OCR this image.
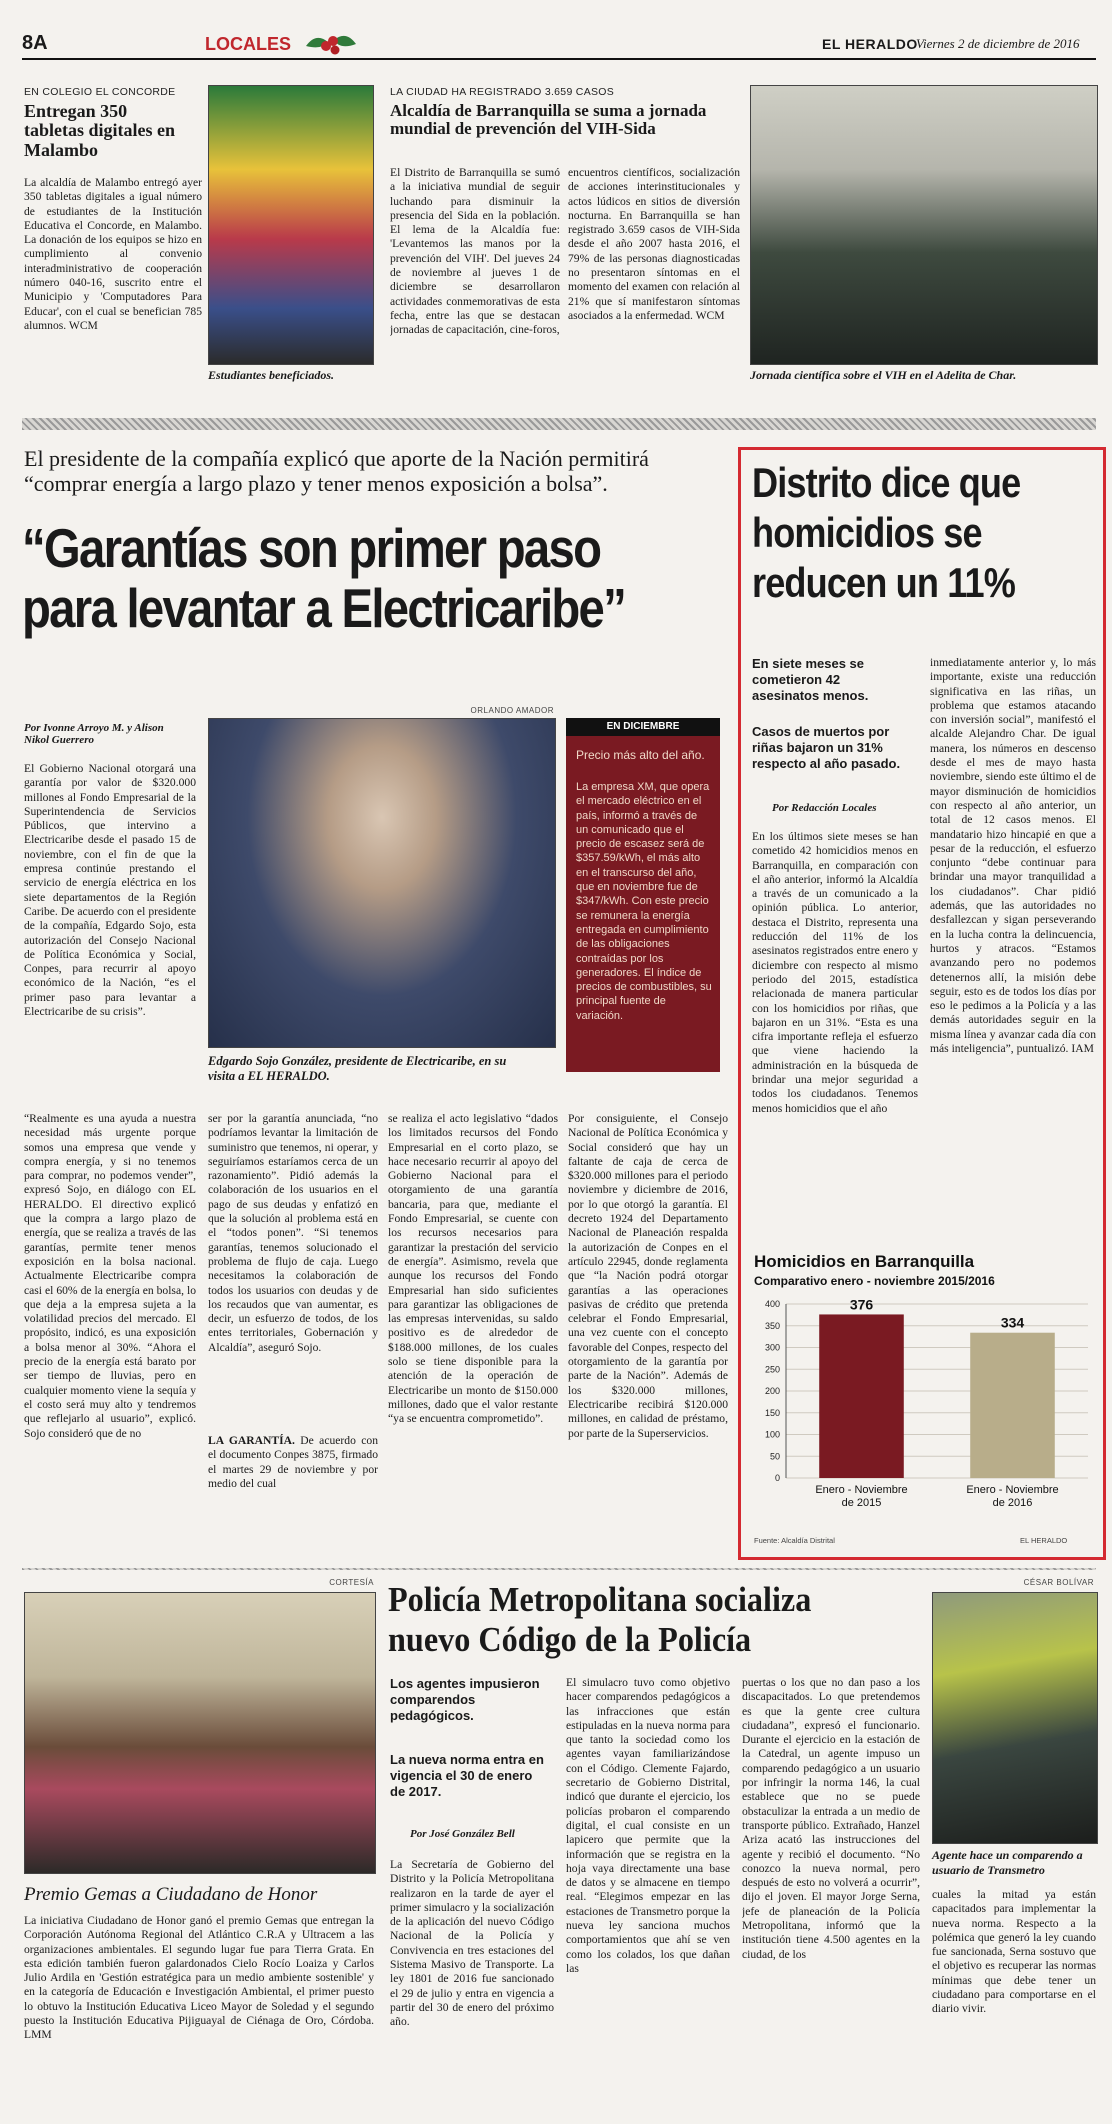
8A	LOCALES	EL HERALDO
Viernes 2 de diciembre de 2016
EN COLEGIO EL CONCORDE
Entregan 350 tabletas digitales en Malambo
La alcaldía de Malambo entregó ayer 350 tabletas digitales a igual número de estudiantes de la Institución Educativa el Concorde, en Malambo. La donación de los equipos se hizo en cumplimiento al convenio interadministrativo de cooperación número 040-16, suscrito entre el Municipio y 'Computadores Para Educar', con el cual se benefician 785 alumnos. WCM
Estudiantes beneficiados.
LA CIUDAD HA REGISTRADO 3.659 CASOS
Alcaldía de Barranquilla se suma a jornada mundial de prevención del VIH-Sida
El Distrito de Barranquilla se sumó a la iniciativa mundial de seguir luchando para disminuir la presencia del Sida en la población. El lema de la Alcaldía fue: 'Levantemos las manos por la prevención del VIH'. Del jueves 24 de noviembre al jueves 1 de diciembre se desarrollaron actividades conmemorativas de esta fecha, entre las que se destacan jornadas de capacitación, cine-foros,
encuentros científicos, socialización de acciones interinstitucionales y actos lúdicos en sitios de diversión nocturna. En Barranquilla se han registrado 3.659 casos de VIH-Sida desde el año 2007 hasta 2016, el 79% de las personas diagnosticadas no presentaron síntomas en el momento del examen con relación al 21% que sí manifestaron síntomas asociados a la enfermedad. WCM
Jornada científica sobre el VIH en el Adelita de Char.
El presidente de la compañía explicó que aporte de la Nación permitirá “comprar energía a largo plazo y tener menos exposición a bolsa”.
“Garantías son primer paso para levantar a Electricaribe”
Por Ivonne Arroyo M. y Alison Nikol Guerrero
El Gobierno Nacional otorgará una garantía por valor de $320.000 millones al Fondo Empresarial de la Superintendencia de Servicios Públicos, que intervino a Electricaribe desde el pasado 15 de noviembre, con el fin de que la empresa continúe prestando el servicio de energía eléctrica en los siete departamentos de la Región Caribe. De acuerdo con el presidente de la compañía, Edgardo Sojo, esta autorización del Consejo Nacional de Política Económica y Social, Conpes, para recurrir al apoyo económico de la Nación, “es el primer paso para levantar a Electricaribe de su crisis”.
“Realmente es una ayuda a nuestra necesidad más urgente porque somos una empresa que vende y compra energía, y si no tenemos para comprar, no podemos vender”, expresó Sojo, en diálogo con EL HERALDO. El directivo explicó que la compra a largo plazo de energía, que se realiza a través de las garantías, permite tener menos exposición en la bolsa nacional. Actualmente Electricaribe compra casi el 60% de la energía en bolsa, lo que deja a la empresa sujeta a la volatilidad precios del mercado. El propósito, indicó, es una exposición a bolsa menor al 30%. “Ahora el precio de la energía está barato por ser tiempo de lluvias, pero en cualquier momento viene la sequía y el costo será muy alto y tendremos que reflejarlo al usuario”, explicó. Sojo consideró que de no
ORLANDO AMADOR
Edgardo Sojo González, presidente de Electricaribe, en su visita a EL HERALDO.
EN DICIEMBRE
Precio más alto del año.
La empresa XM, que opera el mercado eléctrico en el país, informó a través de un comunicado que el precio de escasez será de $357.59/kWh, el más alto en el transcurso del año, que en noviembre fue de $347/kWh. Con este precio se remunera la energía entregada en cumplimiento de las obligaciones contraídas por los generadores. El índice de precios de combustibles, su principal fuente de variación.
ser por la garantía anunciada, “no podríamos levantar la limitación de suministro que tenemos, ni operar, y seguiríamos estaríamos cerca de un razonamiento”. Pidió además la colaboración de los usuarios en el pago de sus deudas y enfatizó en que la solución al problema está en el “todos ponen”. “Si tenemos garantías, tenemos solucionado el problema de flujo de caja. Luego necesitamos la colaboración de todos los usuarios con deudas y de los recaudos que van aumentar, es decir, un esfuerzo de todos, de los entes territoriales, Gobernación y Alcaldía”, aseguró Sojo.
LA GARANTÍA. De acuerdo con el documento Conpes 3875, firmado el martes 29 de noviembre y por medio del cual
se realiza el acto legislativo “dados los limitados recursos del Fondo Empresarial en el corto plazo, se hace necesario recurrir al apoyo del Gobierno Nacional para el otorgamiento de una garantía bancaria, para que, mediante el Fondo Empresarial, se cuente con los recursos necesarios para garantizar la prestación del servicio de energía”. Asimismo, revela que aunque los recursos del Fondo Empresarial han sido suficientes para garantizar las obligaciones de las empresas intervenidas, su saldo positivo es de alrededor de $188.000 millones, de los cuales solo se tiene disponible para la atención de la operación de Electricaribe un monto de $150.000 millones, dado que el valor restante “ya se encuentra comprometido”.
Por consiguiente, el Consejo Nacional de Política Económica y Social consideró que hay un faltante de caja de cerca de $320.000 millones para el periodo noviembre y diciembre de 2016, por lo que otorgó la garantía. El decreto 1924 del Departamento Nacional de Planeación respalda la autorización de Conpes en el artículo 22945, donde reglamenta que “la Nación podrá otorgar garantías a las operaciones pasivas de crédito que pretenda celebrar el Fondo Empresarial, una vez cuente con el concepto favorable del Conpes, respecto del otorgamiento de la garantía por parte de la Nación”. Además de los $320.000 millones, Electricaribe recibirá $120.000 millones, en calidad de préstamo, por parte de la Superservicios.
Distrito dice que homicidios se reducen un 11%
En siete meses se cometieron 42 asesinatos menos.
Casos de muertos por riñas bajaron un 31% respecto al año pasado.
Por Redacción Locales
En los últimos siete meses se han cometido 42 homicidios menos en Barranquilla, en comparación con el año anterior, informó la Alcaldía a través de un comunicado a la opinión pública. Lo anterior, destaca el Distrito, representa una reducción del 11% de los asesinatos registrados entre enero y diciembre con respecto al mismo periodo del 2015, estadística relacionada de manera particular con los homicidios por riñas, que bajaron en un 31%. “Esta es una cifra importante refleja el esfuerzo que viene haciendo la administración en la búsqueda de brindar una mejor seguridad a todos los ciudadanos. Tenemos menos homicidios que el año
inmediatamente anterior y, lo más importante, existe una reducción significativa en las riñas, un problema que estamos atacando con inversión social”, manifestó el alcalde Alejandro Char. De igual manera, los números en descenso desde el mes de mayo hasta noviembre, siendo este último el de mayor disminución de homicidios con respecto al año anterior, un total de 12 casos menos. El mandatario hizo hincapié en que a pesar de la reducción, el esfuerzo conjunto “debe continuar para brindar una mayor tranquilidad a los ciudadanos”. Char pidió además, que las autoridades no desfallezcan y sigan perseverando en la lucha contra la delincuencia, hurtos y atracos. “Estamos avanzando pero no podemos detenernos allí, la misión debe seguir, esto es de todos los días por eso le pedimos a la Policía y a las demás autoridades seguir en la misma línea y avanzar cada día con más inteligencia”, puntualizó. IAM
Homicidios en Barranquilla
Comparativo enero - noviembre 2015/2016
0
50
100
150
200
250
300
350
400	376
Enero - Noviembre
de 2015
334
Enero - Noviembre
de 2016
Fuente: Alcaldía Distrital	EL HERALDO
CORTESÍA
Premio Gemas a Ciudadano de Honor
La iniciativa Ciudadano de Honor ganó el premio Gemas que entregan la Corporación Autónoma Regional del Atlántico C.R.A y Ultracem a las organizaciones ambientales. El segundo lugar fue para Tierra Grata. En esta edición también fueron galardonados Cielo Rocío Loaiza y Carlos Julio Ardila en 'Gestión estratégica para un medio ambiente sostenible' y en la categoría de Educación e Investigación Ambiental, el primer puesto lo obtuvo la Institución Educativa Liceo Mayor de Soledad y el segundo puesto la Institución Educativa Pijiguayal de Ciénaga de Oro, Córdoba. LMM
Policía Metropolitana socializa nuevo Código de la Policía
Los agentes impusieron comparendos pedagógicos.
La nueva norma entra en vigencia el 30 de enero de 2017.
Por José González Bell
La Secretaría de Gobierno del Distrito y la Policía Metropolitana realizaron en la tarde de ayer el primer simulacro y la socialización de la aplicación del nuevo Código Nacional de la Policía y Convivencia en tres estaciones del Sistema Masivo de Transporte. La ley 1801 de 2016 fue sancionado el 29 de julio y entra en vigencia a partir del 30 de enero del próximo año.
El simulacro tuvo como objetivo hacer comparendos pedagógicos a las infracciones que están estipuladas en la nueva norma para que tanto la sociedad como los agentes vayan familiarizándose con el Código. Clemente Fajardo, secretario de Gobierno Distrital, indicó que durante el ejercicio, los policías probaron el comparendo digital, el cual consiste en un lapicero que permite que la información que se registra en la hoja vaya directamente una base de datos y se almacene en tiempo real. “Elegimos empezar en las estaciones de Transmetro porque la nueva ley sanciona muchos comportamientos que ahí se ven como los colados, los que dañan las
puertas o los que no dan paso a los discapacitados. Lo que pretendemos es que la gente cree cultura ciudadana”, expresó el funcionario. Durante el ejercicio en la estación de la Catedral, un agente impuso un comparendo pedagógico a un usuario por infringir la norma 146, la cual establece que no se puede obstaculizar la entrada a un medio de transporte público. Extrañado, Hanzel Ariza acató las instrucciones del agente y recibió el documento. “No conozco la nueva normal, pero después de esto no volverá a ocurrir”, dijo el joven. El mayor Jorge Serna, jefe de planeación de la Policía Metropolitana, informó que la institución tiene 4.500 agentes en la ciudad, de los
CÉSAR BOLÍVAR
Agente hace un comparendo a usuario de Transmetro
cuales la mitad ya están capacitados para implementar la nueva norma. Respecto a la polémica que generó la ley cuando fue sancionada, Serna sostuvo que el objetivo es recuperar las normas mínimas que debe tener un ciudadano para comportarse en el diario vivir.
